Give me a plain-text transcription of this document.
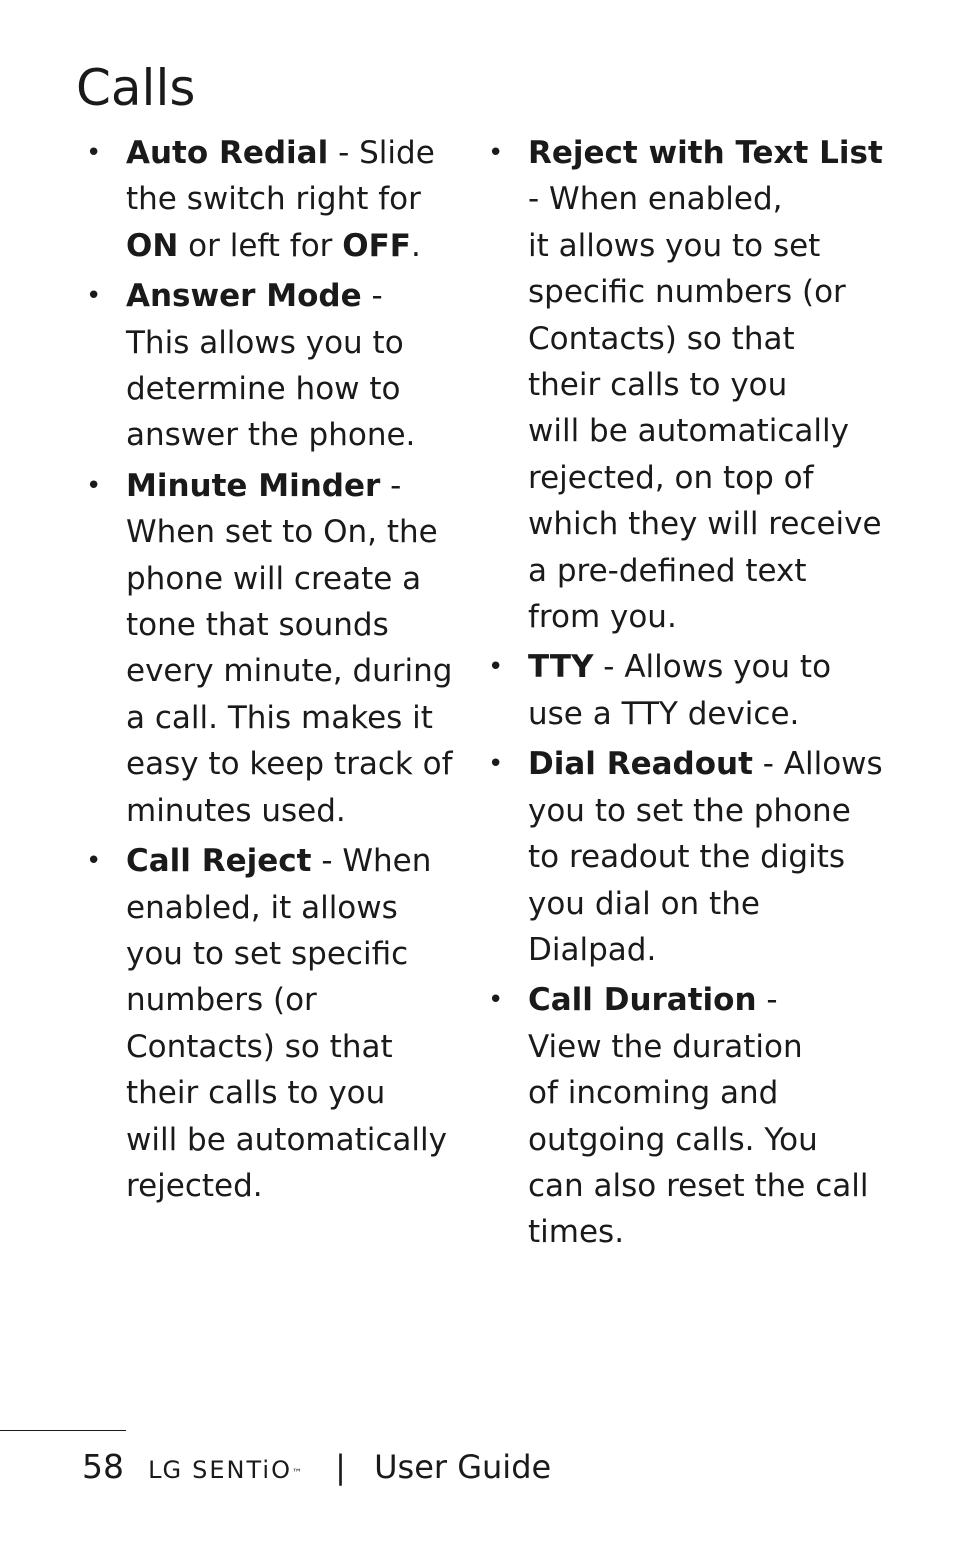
Calls
• Auto Redial - Slide
the switch right for
ON or left for OFF.
• Answer Mode -
This allows you to
determine how to
answer the phone.
• Minute Minder -
When set to On, the
phone will create a
tone that sounds
every minute, during
a call. This makes it
easy to keep track of
minutes used.
• Call Reject - When
enabled, it allows
you to set specific
numbers (or
Contacts) so that
their calls to you
will be automatically
rejected.
• Reject with Text List
- When enabled,
it allows you to set
specific numbers (or
Contacts) so that
their calls to you
will be automatically
rejected, on top of
which they will receive
a pre-defined text
from you.
• TTY - Allows you to
use a TTY device.
• Dial Readout - Allows
you to set the phone
to readout the digits
you dial on the
Dialpad.
• Call Duration -
View the duration
of incoming and
outgoing calls. You
can also reset the call
times.
58 LG SENTiO™ | User Guide
